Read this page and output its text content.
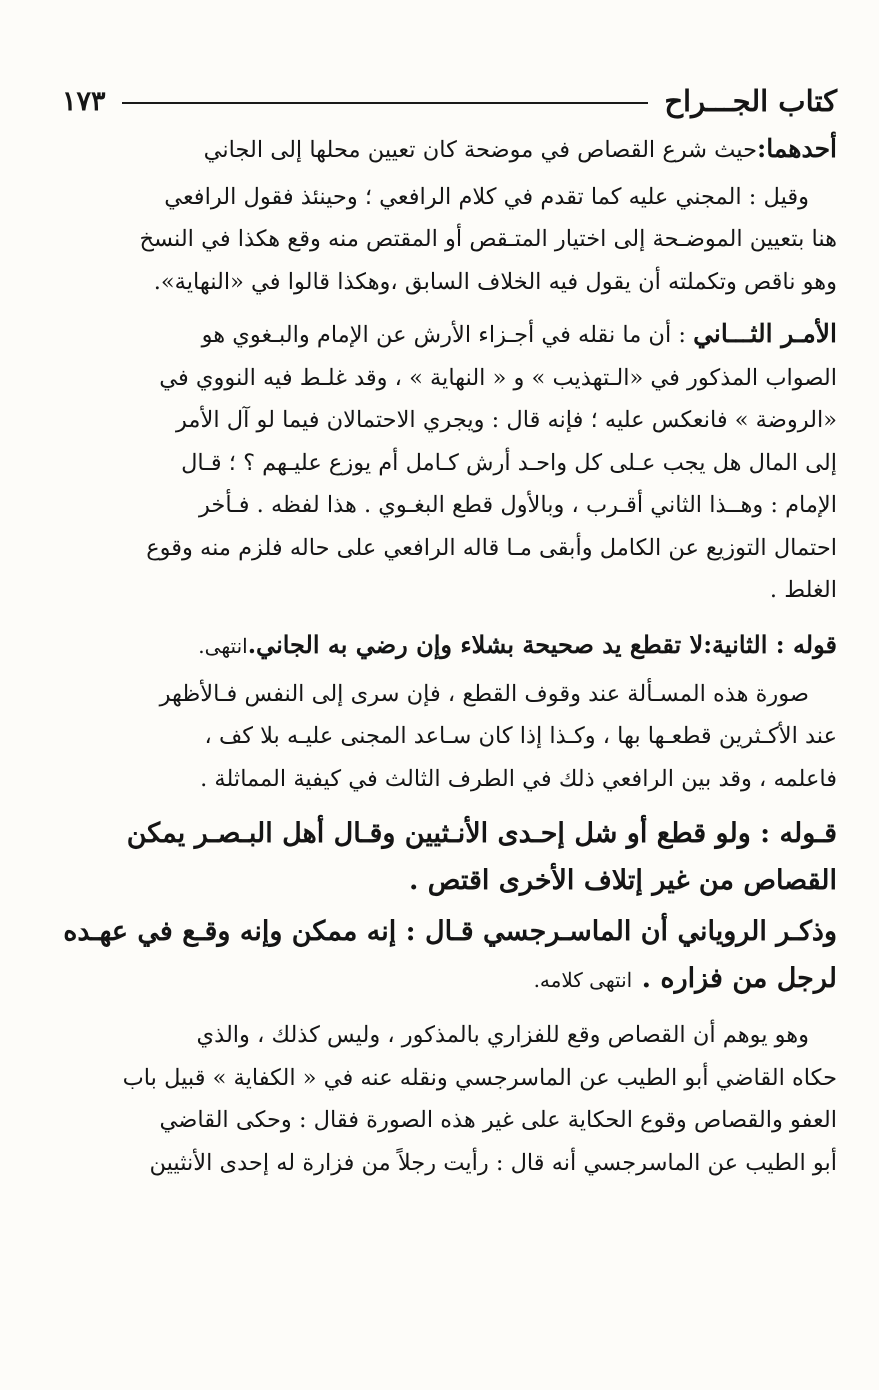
كتاب الجـــراح
١٧٣

أحدهما:حيث شرع القصاص في موضحة كان تعيين محلها إلى الجاني

وقيل : المجني عليه كما تقدم في كلام الرافعي ؛ وحينئذ فقول الرافعي
هنا بتعيين الموضـحة إلى اختيار المتـقص أو المقتص منه وقع هكذا في النسخ
وهو ناقص وتكملته أن يقول فيه الخلاف السابق ،وهكذا قالوا في «النهاية».

الأمـر الثـــاني : أن ما نقله في أجـزاء الأرش عن الإمام والبـغوي هو
الصواب المذكور في «الـتهذيب » و « النهاية » ، وقد غلـط فيه النووي في
«الروضة » فانعكس عليه ؛ فإنه قال : ويجري الاحتمالان فيما لو آل الأمر
إلى المال هل يجب عـلى كل واحـد أرش كـامل أم يوزع عليـهم ؟ ؛ قـال
الإمام : وهــذا الثاني أقـرب ، وبالأول قطع البغـوي . هذا لفظه . فـأخر
احتمال التوزيع عن الكامل وأبقى مـا قاله الرافعي على حاله فلزم منه وقوع
الغلط .

قوله : الثانية:لا تقطع يد صحيحة بشلاء وإن رضي به الجاني.انتهى.

صورة هذه المسـألة عند وقوف القطع ، فإن سرى إلى النفس فـالأظهر
عند الأكـثرين قطعـها بها ، وكـذا إذا كان سـاعد المجنى عليـه بلا كف ،
فاعلمه ، وقد بين الرافعي ذلك في الطرف الثالث في كيفية المماثلة .

قـوله : ولو قطع أو شل إحـدى الأنـثيين وقـال أهل البـصـر يمكن
القصاص من غير إتلاف الأخرى اقتص .

وذكـر الروياني أن الماسـرجسي قـال : إنه ممكن وإنه وقـع في عهـده
لرجل من فزاره . انتهى كلامه.

وهو يوهم أن القصاص وقع للفزاري بالمذكور ، وليس كذلك ، والذي
حكاه القاضي أبو الطيب عن الماسرجسي ونقله عنه في « الكفاية » قبيل باب
العفو والقصاص وقوع الحكاية على غير هذه الصورة فقال : وحكى القاضي
أبو الطيب عن الماسرجسي أنه قال : رأيت رجلاً من فزارة له إحدى الأنثيين
